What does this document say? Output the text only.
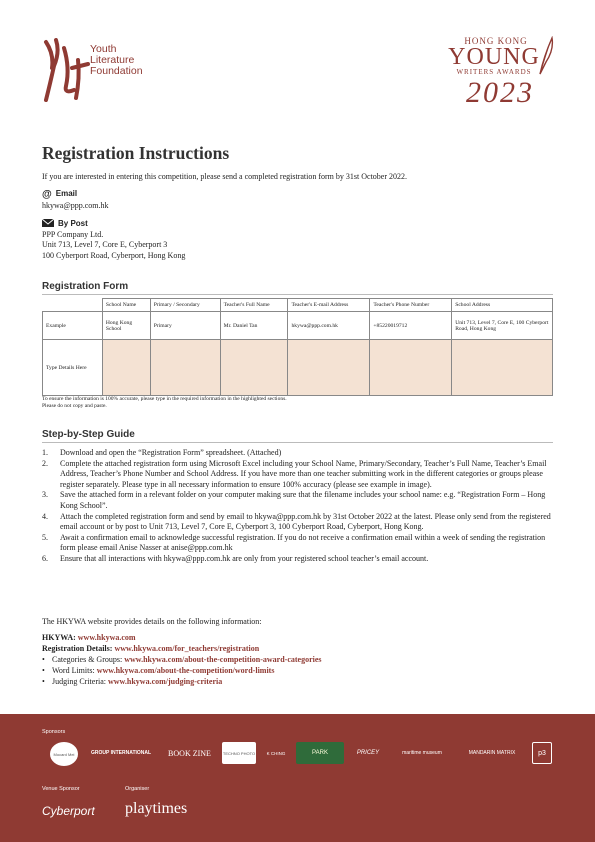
Youth
Literature
Foundation
HONG KONG
YOUNG
WRITERS AWARDS
2023
Registration Instructions

If you are interested in entering this competition, please send a completed registration form by 31st October 2022.

@ Email
hkywa@ppp.com.hk
By Post
PPP Company Ltd.
Unit 713, Level 7, Core E, Cyberport 3
100 Cyberport Road, Cyberport, Hong Kong
Registration Form
	School Name	Primary / Secondary	Teacher's Full Name	Teacher's E-mail Address	Teacher's Phone Number	School Address
Example	Hong Kong School	Primary	Mr. Daniel Tan	hkywa@ppp.com.hk	+85220019712	Unit 713, Level 7, Core E, 100 Cyberport Road, Hong Kong
Type Details Here						
To ensure the information is 100% accurate, please type in the required information in the highlighted sections.
Please do not copy and paste.
Step-by-Step Guide
1. Download and open the “Registration Form” spreadsheet. (Attached)
2. Complete the attached registration form using Microsoft Excel including your School Name, Primary/Secondary, Teacher’s Full Name, Teacher’s Email Address, Teacher’s Phone Number and School Address. If you have more than one teacher submitting work in the different categories or groups please register separately. Please type in all necessary information to ensure 100% accuracy (please see example in image).
3. Save the attached form in a relevant folder on your computer making sure that the filename includes your school name: e.g. “Registration Form – Hong Kong School”.
4. Attach the completed registration form and send by email to hkywa@ppp.com.hk by 31st October 2022 at the latest. Please only send from the registered email account or by post to Unit 713, Level 7, Core E, Cyberport 3, 100 Cyberport Road, Cyberport, Hong Kong.
5. Await a confirmation email to acknowledge successful registration. If you do not receive a confirmation email within a week of sending the registration form please email Anise Nasser at anise@ppp.com.hk
6. Ensure that all interactions with hkywa@ppp.com.hk are only from your registered school teacher’s email account.

The HKYWA website provides details on the following information:

HKYWA: www.hkywa.com
Registration Details: www.hkywa.com/for_teachers/registration
• Categories & Groups: www.hkywa.com/about-the-competition-award-categories
• Word Limits: www.hkywa.com/about-the-competition/word-limits
• Judging Criteria: www.hkywa.com/judging-criteria
Sponsors
Mocard Mei	GROUP INTERNATIONAL BOOK ZINE	TECHNO PHOTO	K CHING	PARK	PRICEY	maritime museum	MANDARIN MATRIX	p3
Venue Sponsor	Organiser
Cyberport	playtimes
